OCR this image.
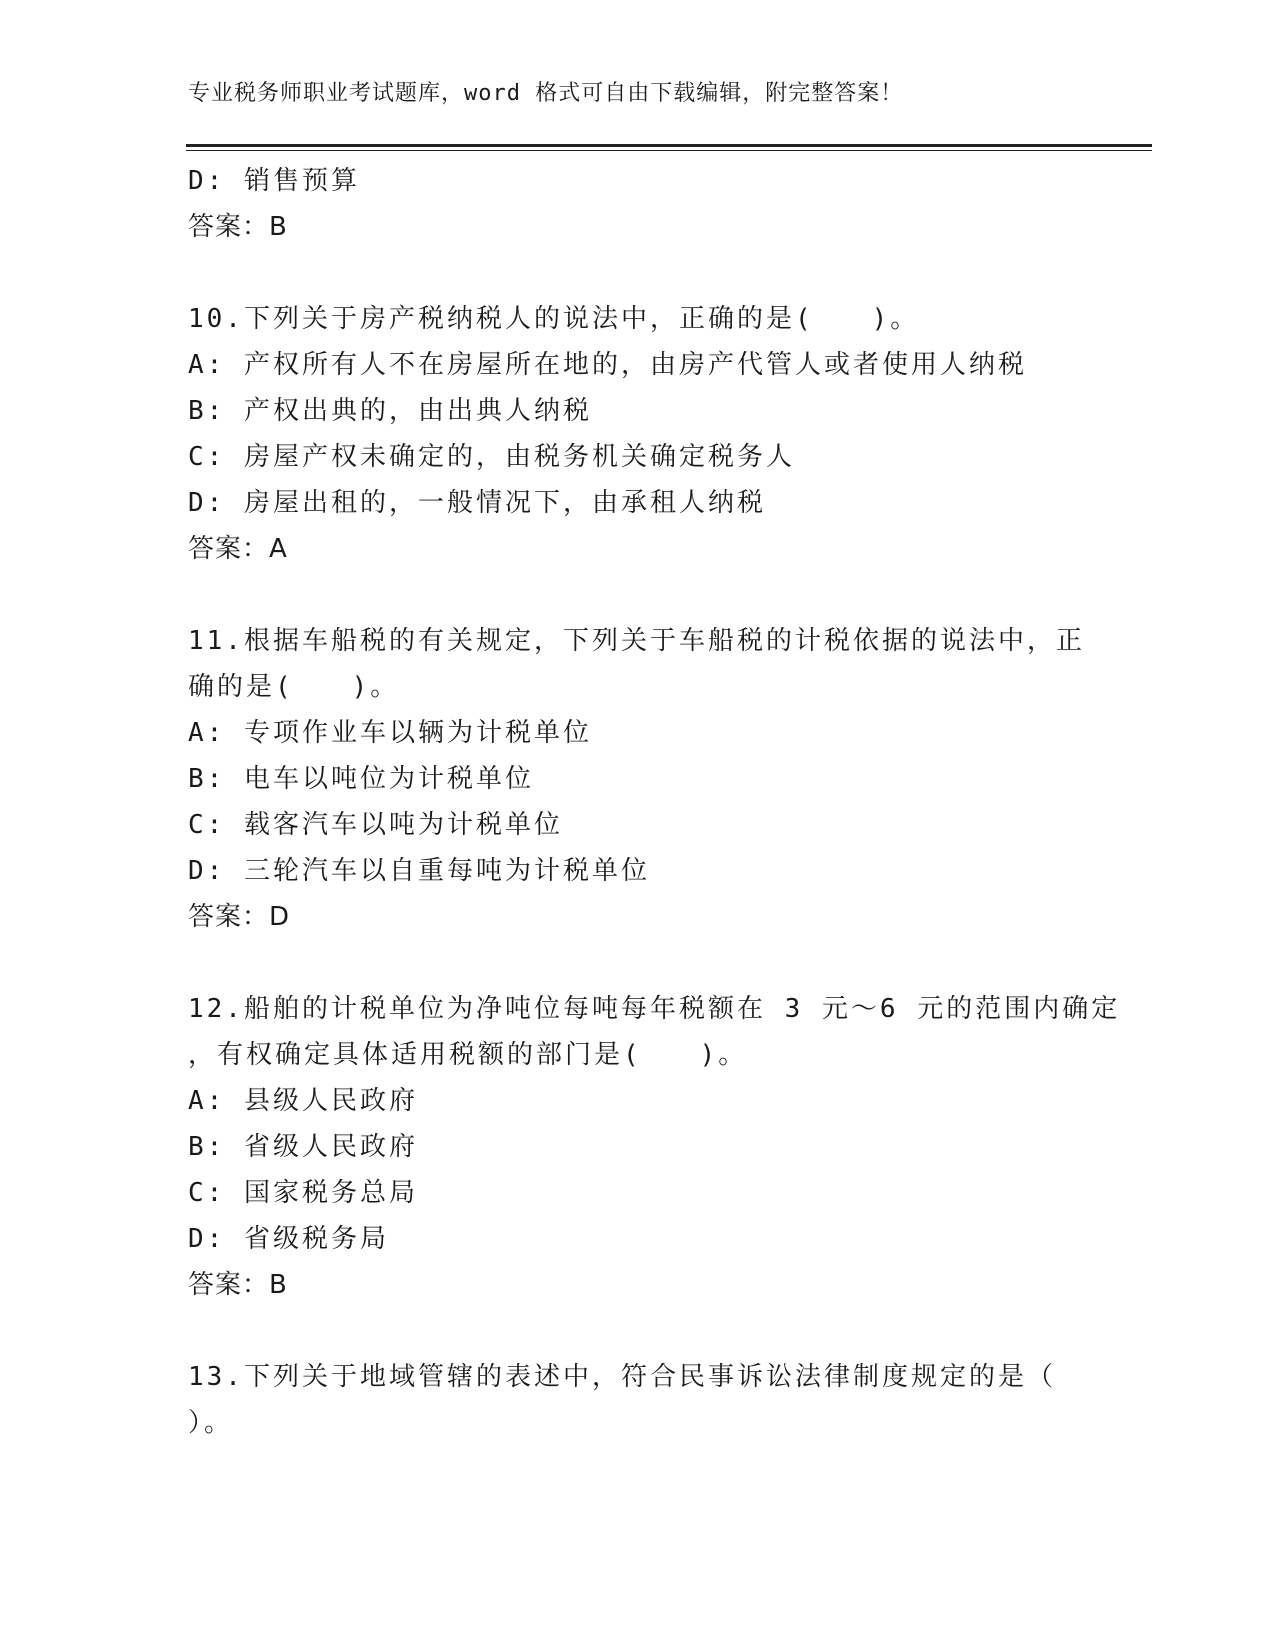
专业税务师职业考试题库，word 格式可自由下载编辑，附完整答案！
D: 销售预算
答案：B
10.下列关于房产税纳税人的说法中，正确的是(　　)。
A: 产权所有人不在房屋所在地的，由房产代管人或者使用人纳税
B: 产权出典的，由出典人纳税
C: 房屋产权未确定的，由税务机关确定税务人
D: 房屋出租的，一般情况下，由承租人纳税
答案：A
11.根据车船税的有关规定，下列关于车船税的计税依据的说法中，正
确的是(　　)。
A: 专项作业车以辆为计税单位
B: 电车以吨位为计税单位
C: 载客汽车以吨为计税单位
D: 三轮汽车以自重每吨为计税单位
答案：D
12.船舶的计税单位为净吨位每吨每年税额在 3 元～6 元的范围内确定
，有权确定具体适用税额的部门是(　　)。
A: 县级人民政府
B: 省级人民政府
C: 国家税务总局
D: 省级税务局
答案：B
13.下列关于地域管辖的表述中，符合民事诉讼法律制度规定的是（
）。
